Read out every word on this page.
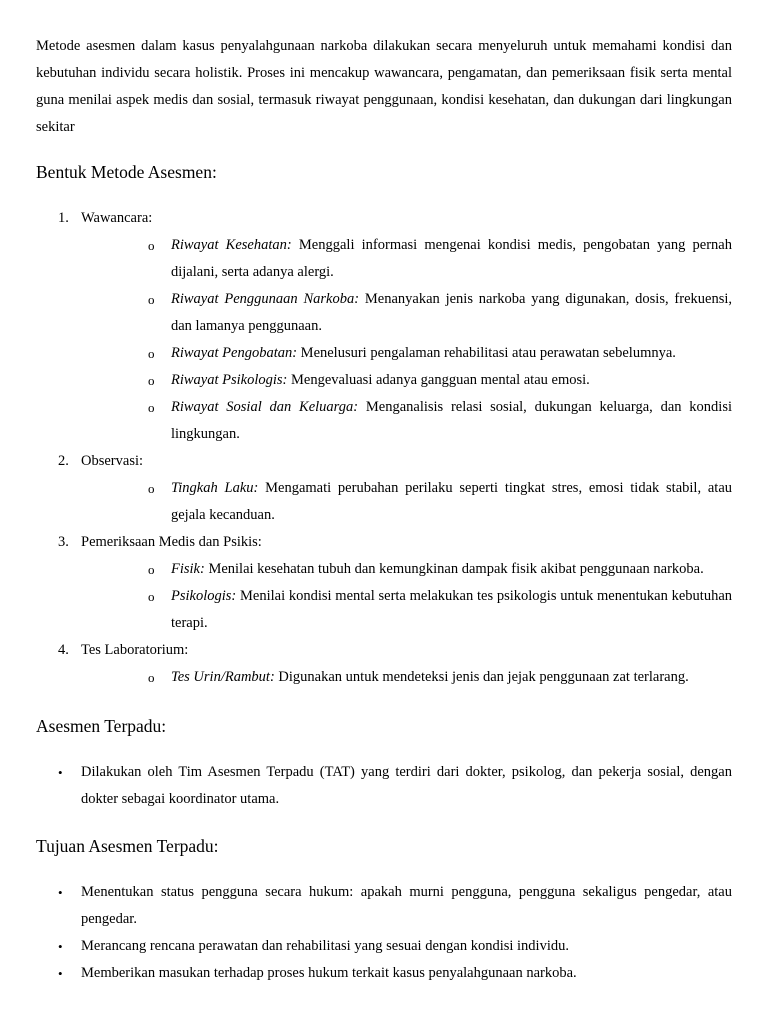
Metode asesmen dalam kasus penyalahgunaan narkoba dilakukan secara menyeluruh untuk memahami kondisi dan kebutuhan individu secara holistik. Proses ini mencakup wawancara, pengamatan, dan pemeriksaan fisik serta mental guna menilai aspek medis dan sosial, termasuk riwayat penggunaan, kondisi kesehatan, dan dukungan dari lingkungan sekitar

Bentuk Metode Asesmen:
1. Wawancara:
o Riwayat Kesehatan: Menggali informasi mengenai kondisi medis, pengobatan yang pernah dijalani, serta adanya alergi.
o Riwayat Penggunaan Narkoba: Menanyakan jenis narkoba yang digunakan, dosis, frekuensi, dan lamanya penggunaan.
o Riwayat Pengobatan: Menelusuri pengalaman rehabilitasi atau perawatan sebelumnya.
o Riwayat Psikologis: Mengevaluasi adanya gangguan mental atau emosi.
o Riwayat Sosial dan Keluarga: Menganalisis relasi sosial, dukungan keluarga, dan kondisi lingkungan.
2. Observasi:
o Tingkah Laku: Mengamati perubahan perilaku seperti tingkat stres, emosi tidak stabil, atau gejala kecanduan.
3. Pemeriksaan Medis dan Psikis:
o Fisik: Menilai kesehatan tubuh dan kemungkinan dampak fisik akibat penggunaan narkoba.
o Psikologis: Menilai kondisi mental serta melakukan tes psikologis untuk menentukan kebutuhan terapi.
4. Tes Laboratorium:
o Tes Urin/Rambut: Digunakan untuk mendeteksi jenis dan jejak penggunaan zat terlarang.
Asesmen Terpadu:
• Dilakukan oleh Tim Asesmen Terpadu (TAT) yang terdiri dari dokter, psikolog, dan pekerja sosial, dengan dokter sebagai koordinator utama.
Tujuan Asesmen Terpadu:
• Menentukan status pengguna secara hukum: apakah murni pengguna, pengguna sekaligus pengedar, atau pengedar.
• Merancang rencana perawatan dan rehabilitasi yang sesuai dengan kondisi individu.
• Memberikan masukan terhadap proses hukum terkait kasus penyalahgunaan narkoba.
